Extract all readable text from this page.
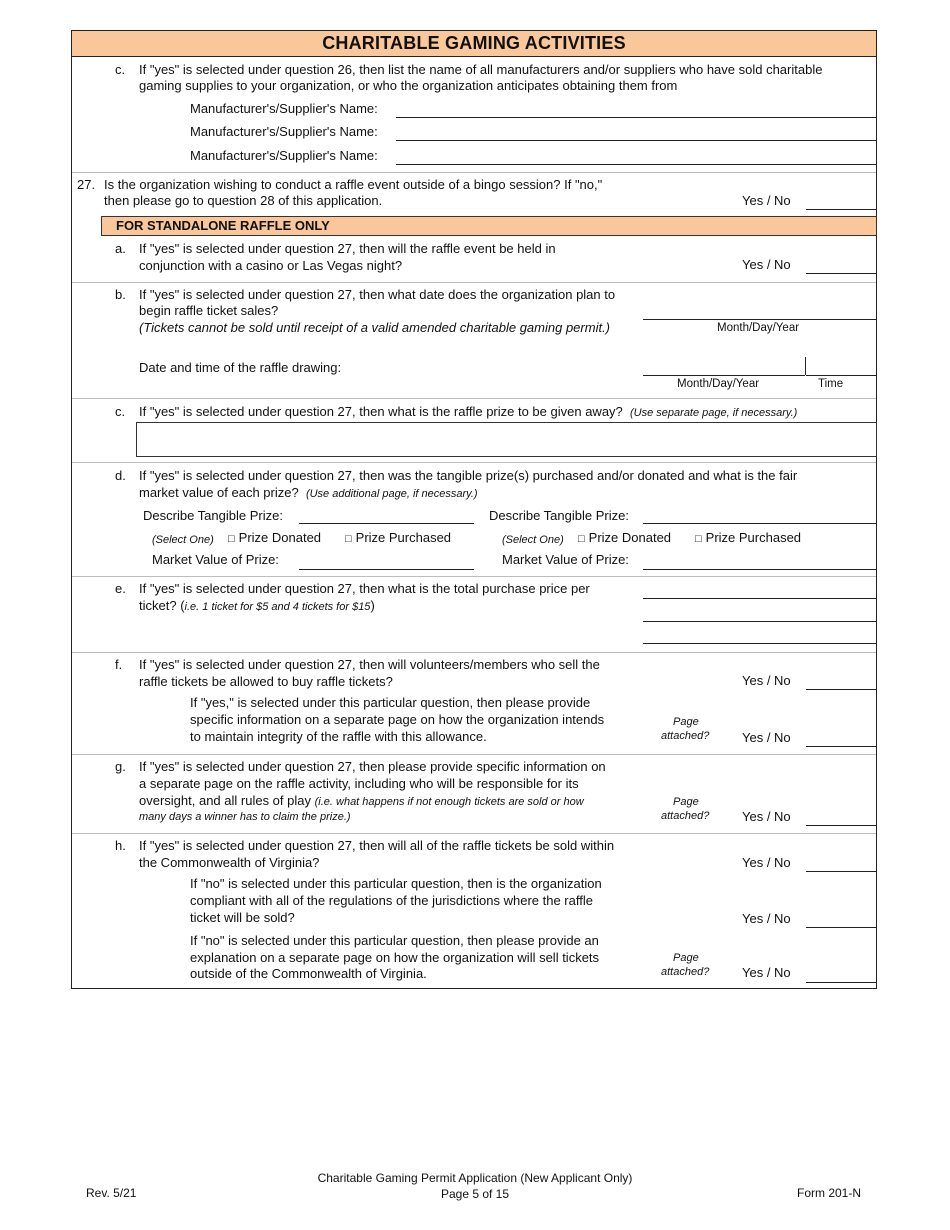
CHARITABLE GAMING ACTIVITIES
c. If "yes" is selected under question 26, then list the name of all manufacturers and/or suppliers who have sold charitable
gaming supplies to your organization, or who the organization anticipates obtaining them from
Manufacturer's/Supplier's Name:
Manufacturer's/Supplier's Name:
Manufacturer's/Supplier's Name:
27. Is the organization wishing to conduct a raffle event outside of a bingo session? If "no,"
then please go to question 28 of this application.	Yes / No
FOR STANDALONE RAFFLE ONLY
a. If "yes" is selected under question 27, then will the raffle event be held in
conjunction with a casino or Las Vegas night?	Yes / No
b. If "yes" is selected under question 27, then what date does the organization plan to
begin raffle ticket sales?
(Tickets cannot be sold until receipt of a valid amended charitable gaming permit.)	Month/Day/Year
Date and time of the raffle drawing:
Month/Day/Year	Time
c. If "yes" is selected under question 27, then what is the raffle prize to be given away? (Use separate page, if necessary.)
d. If "yes" is selected under question 27, then was the tangible prize(s) purchased and/or donated and what is the fair
market value of each prize? (Use additional page, if necessary.)
Describe Tangible Prize:	Describe Tangible Prize:
(Select One) □ Prize Donated □ Prize Purchased	(Select One) □ Prize Donated □ Prize Purchased
Market Value of Prize:	Market Value of Prize:
e. If "yes" is selected under question 27, then what is the total purchase price per
ticket? (i.e. 1 ticket for $5 and 4 tickets for $15)
f. If "yes" is selected under question 27, then will volunteers/members who sell the
raffle tickets be allowed to buy raffle tickets?	Yes / No
If "yes," is selected under this particular question, then please provide
specific information on a separate page on how the organization intends
to maintain integrity of the raffle with this allowance.
Page
attached?	Yes / No
g. If "yes" is selected under question 27, then please provide specific information on
a separate page on the raffle activity, including who will be responsible for its
oversight, and all rules of play (i.e. what happens if not enough tickets are sold or how
many days a winner has to claim the prize.)
Page
attached?	Yes / No
h. If "yes" is selected under question 27, then will all of the raffle tickets be sold within
the Commonwealth of Virginia?	Yes / No
If "no" is selected under this particular question, then is the organization
compliant with all of the regulations of the jurisdictions where the raffle
ticket will be sold?	Yes / No
If "no" is selected under this particular question, then please provide an
explanation on a separate page on how the organization will sell tickets
outside of the Commonwealth of Virginia.
Page
attached?	Yes / No
Rev. 5/21
Charitable Gaming Permit Application (New Applicant Only)
Page 5 of 15	Form 201-N
